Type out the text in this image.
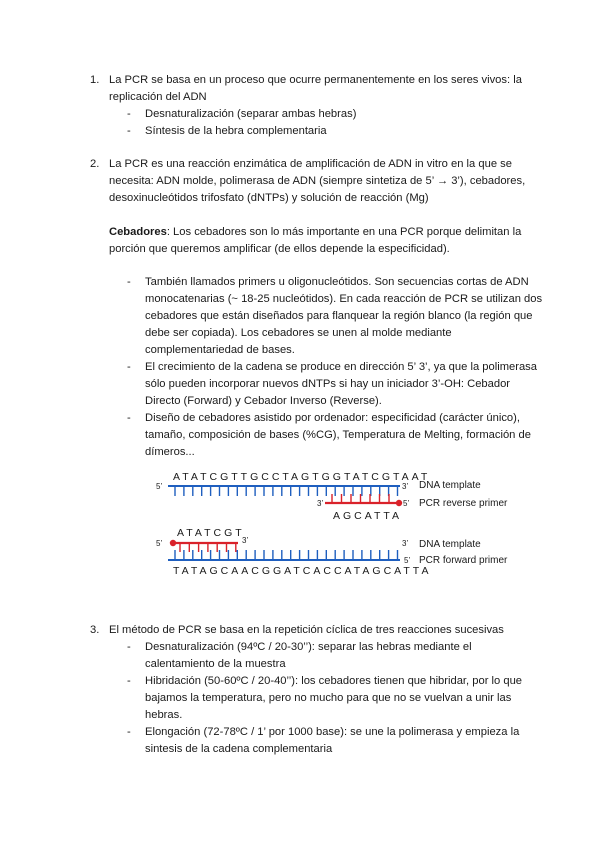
1. La PCR se basa en un proceso que ocurre permanentemente en los seres vivos: la
replicación del ADN
- Desnaturalización (separar ambas hebras)
- Síntesis de la hebra complementaria
2. La PCR es una reacción enzimática de amplificación de ADN in vitro en la que se
necesita: ADN molde, polimerasa de ADN (siempre sintetiza de 5’ → 3’), cebadores,
desoxinucleótidos trifosfato (dNTPs) y solución de reacción (Mg)
Cebadores: Los cebadores son lo más importante en una PCR porque delimitan la
porción que queremos amplificar (de ellos depende la especificidad).
- También llamados primers u oligonucleótidos. Son secuencias cortas de ADN
monocatenarias (~ 18-25 nucleótidos). En cada reacción de PCR se utilizan dos
cebadores que están diseñados para flanquear la región blanco (la región que
debe ser copiada). Los cebadores se unen al molde mediante
complementariedad de bases.
- El crecimiento de la cadena se produce en dirección 5’ 3’, ya que la polimerasa
sólo pueden incorporar nuevos dNTPs si hay un iniciador 3’-OH: Cebador
Directo (Forward) y Cebador Inverso (Reverse).
- Diseño de cebadores asistido por ordenador: especificidad (carácter único),
tamaño, composición de bases (%CG), Temperatura de Melting, formación de
dímeros...
ATATCGTTGCCTAGTGGTATCGTAAT
5’	3’ DNA template
3’	5’ PCR reverse primer
AGCATTA
ATATCGT
5’	3’	3’ DNA template
5’ PCR forward primer
TATAGCAACGGATCACCATAGCATTA
3. El método de PCR se basa en la repetición cíclica de tres reacciones sucesivas
- Desnaturalización (94ºC / 20-30’’): separar las hebras mediante el
calentamiento de la muestra
- Hibridación (50-60ºC / 20-40’’): los cebadores tienen que hibridar, por lo que
bajamos la temperatura, pero no mucho para que no se vuelvan a unir las
hebras.
- Elongación (72-78ºC / 1’ por 1000 base): se une la polimerasa y empieza la
sintesis de la cadena complementaria
